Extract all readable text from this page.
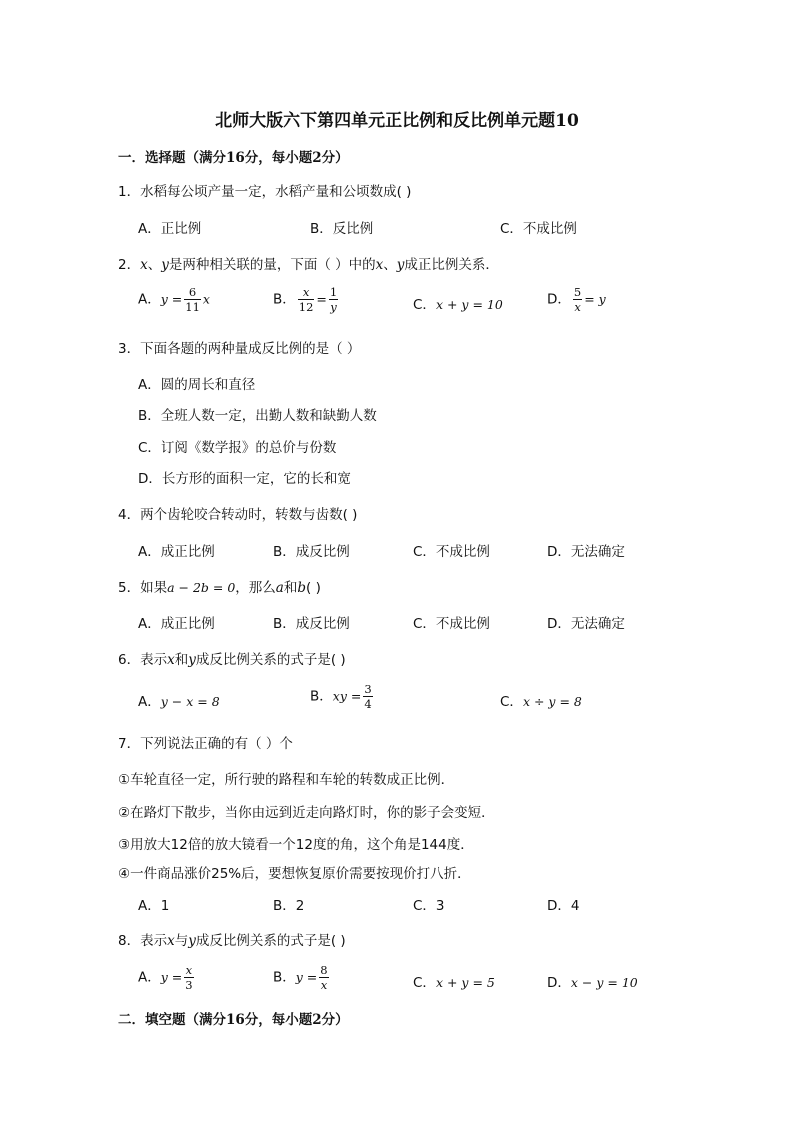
北师大版六下第四单元正比例和反比例单元题10
一．选择题（满分16分，每小题2分）
1．水稻每公顷产量一定，水稻产量和公顷数成( )
A．正比例	B．反比例	C．不成比例
2．x、y是两种相关联的量，下面（ ）中的x、y成正比例关系．
A．$y = \frac{6}{11}$ x	B． $\frac{x}{12} = \frac{1}{y}$	C．x + y = 10	D． $\frac{5}{x} = y$
3．下面各题的两种量成反比例的是（ ）
A．圆的周长和直径
B．全班人数一定，出勤人数和缺勤人数
C．订阅《数学报》的总价与份数
D．长方形的面积一定，它的长和宽
4．两个齿轮咬合转动时，转数与齿数( )
A．成正比例	B．成反比例	C．不成比例	D．无法确定
5．如果a − 2b = 0，那么a和b( )
A．成正比例	B．成反比例	C．不成比例	D．无法确定
6．表示x和y成反比例关系的式子是( )
A．y − x = 8	B．xy = $\frac{3}{4}$	C．x ÷ y = 8
7．下列说法正确的有（ ）个
①车轮直径一定，所行驶的路程和车轮的转数成正比例．
②在路灯下散步，当你由远到近走向路灯时，你的影子会变短．
③用放大12倍的放大镜看一个12度的角，这个角是144度．
④一件商品涨价25%后，要想恢复原价需要按现价打八折．
A．1	B．2	C．3	D．4
8．表示x与y成反比例关系的式子是( )
A．$y = \frac{x}{3}$	B．$y = \frac{8}{x}$	C．x + y = 5	D．x − y = 10
二．填空题（满分16分，每小题2分）
